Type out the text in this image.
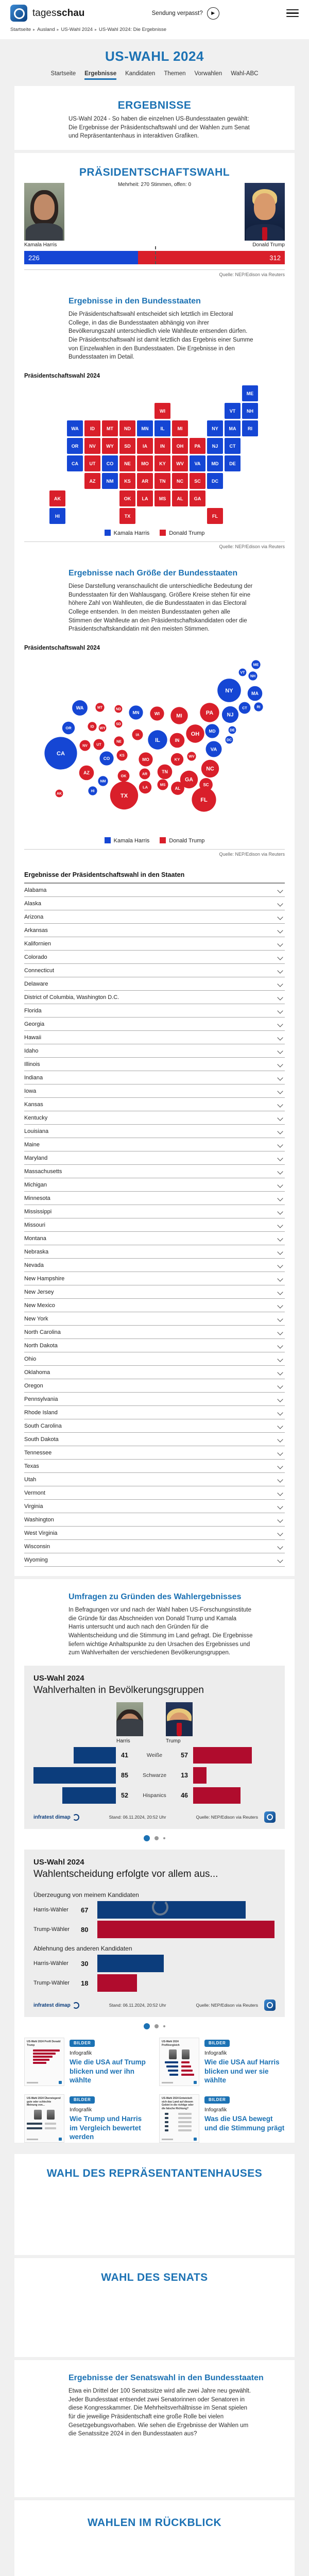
tagesschau	Sendung verpasst?	▶
Startseite ▸ Ausland ▸ US-Wahl 2024 ▸ US-Wahl 2024: Die Ergebnisse
US-WAHL 2024
Startseite Ergebnisse Kandidaten Themen Vorwahlen Wahl-ABC
ERGEBNISSE

US-Wahl 2024 - So haben die einzelnen US-Bundesstaaten gewählt: Die Ergebnisse der Präsidentschaftswahl und der Wahlen zum Senat und Repräsentantenhaus in interaktiven Grafiken.

PRÄSIDENTSCHAFTSWAHL
Mehrheit: 270 Stimmen, offen: 0
Kamala Harris	Donald Trump
226	312
Quelle: NEP/Edison via Reuters
Ergebnisse in den Bundesstaaten

Die Präsidentschaftswahl entscheidet sich letztlich im Electoral College, in das die Bundesstaaten abhängig von ihrer Bevölkerungszahl unterschiedlich viele Wahlleute entsenden dürfen. Die Präsidentschaftswahl ist damit letztlich das Ergebnis einer Summe von Einzelwahlen in den Bundesstaaten. Die Ergebnisse in den Bundesstaaten im Detail.

Präsidentschaftswahl 2024
AL
AK
AZ	AR
CA	CO
CT
DE
DC
FL
GA
HI
ID	IL
IN
IA
KS
KY
LA
ME
MD
MA
MI
MN
MS
MO
MT
NE
NV
NH
NJ
NM
NY
NC
ND
OH
OK
OR	PA
RI
SC
SD
TN
TX
UT
VT
VA
WA
WV
WI
WY
Kamala Harris	Donald Trump
Quelle: NEP/Edison via Reuters
Ergebnisse nach Größe der Bundesstaaten

Diese Darstellung veranschaulicht die unterschiedliche Bedeutung der Bundesstaaten für den Wahlausgang. Größere Kreise stehen für eine höhere Zahl von Wahlleuten, die die Bundesstaaten in das Electoral College entsenden. In den meisten Bundesstaaten gehen alle Stimmen der Wahlleute an den Präsidentschaftskandidaten oder die Präsidentschaftskandidatin mit den meisten Stimmen.

Präsidentschaftswahl 2024
AL
AK
AZ	AR
CA
CO
CT
DE
DC
FL
GA
HI
ID
IL	IN
IA
KS
KY
LA
ME
MD
MA
MI
MN
MS
MO
MT
NE
NV
NH
NJ
NM
NY
NC
ND
OH
OK
OR
PA
RI
SC
SD
TN
TX
UT
VT
VA
WA
WV
WI
WY
Kamala Harris	Donald Trump
Quelle: NEP/Edison via Reuters
Ergebnisse der Präsidentschaftswahl in den Staaten
Alabama
Alaska
Arizona
Arkansas
Kalifornien
Colorado
Connecticut
Delaware
District of Columbia, Washington D.C.
Florida
Georgia
Hawaii
Idaho
Illinois
Indiana
Iowa
Kansas
Kentucky
Louisiana
Maine
Maryland
Massachusetts
Michigan
Minnesota
Mississippi
Missouri
Montana
Nebraska
Nevada
New Hampshire
New Jersey
New Mexico
New York
North Carolina
North Dakota
Ohio
Oklahoma
Oregon
Pennsylvania
Rhode Island
South Carolina
South Dakota
Tennessee
Texas
Utah
Vermont
Virginia
Washington
West Virginia
Wisconsin
Wyoming
Umfragen zu Gründen des Wahlergebnisses

In Befragungen vor und nach der Wahl haben US-Forschungsinstitute die Gründe für das Abschneiden von Donald Trump und Kamala Harris untersucht und auch nach den Gründen für die Wahlentscheidung und die Stimmung im Land gefragt. Die Ergebnisse liefern wichtige Anhaltspunkte zu den Ursachen des Ergebnisses und zum Wahlverhalten der verschiedenen Bevölkerungsgruppen.

US-Wahl 2024
Wahlverhalten in Bevölkerungsgruppen
Harris	Trump
41	Weiße	57
85	Schwarze	13
52	Hispanics	46
infratest dimap	Stand: 06.11.2024, 20:52 Uhr	Quelle: NEP/Edison via Reuters
US-Wahl 2024
Wahlentscheidung erfolgte vor allem aus...
Überzeugung von meinem Kandidaten
Harris-Wähler	67
Trump-Wähler	80
Ablehnung des anderen Kandidaten
Harris-Wähler	30
Trump-Wähler	18
infratest dimap	Stand: 06.11.2024, 20:52 Uhr	Quelle: NEP/Edison via Reuters
US-Wahl 2024 Profil Donald Trump	BILDER
Infografik
Wie die USA auf Trump blicken und wer ihn wählte
US-Wahl 2024 Profilvergleich	BILDER
Infografik
Wie die USA auf Harris blicken und wer sie wählte
US-Wahl 2024 Überwiegend gute oder schlechte Meinung von...
BILDER
Infografik
Wie Trump und Harris im Vergleich bewertet werden
US-Wahl 2024 Entwickelt sich das Land auf diesem Gebiet in die richtige oder die falsche Richtung?
BILDER
Infografik
Was die USA bewegt und die Stimmung prägt
WAHL DES REPRÄSENTANTENHAUSES
WAHL DES SENATS
Ergebnisse der Senatswahl in den Bundesstaaten

Etwa ein Drittel der 100 Senatssitze wird alle zwei Jahre neu gewählt. Jeder Bundesstaat entsendet zwei Senatorinnen oder Senatoren in diese Kongresskammer. Die Mehrheitsverhältnisse im Senat spielen für die jeweilige Präsidentschaft eine große Rolle bei vielen Gesetzgebungsvorhaben. Wie sehen die Ergebnisse der Wahlen um die Senatssitze 2024 in den Bundesstaaten aus?

WAHLEN IM RÜCKBLICK
